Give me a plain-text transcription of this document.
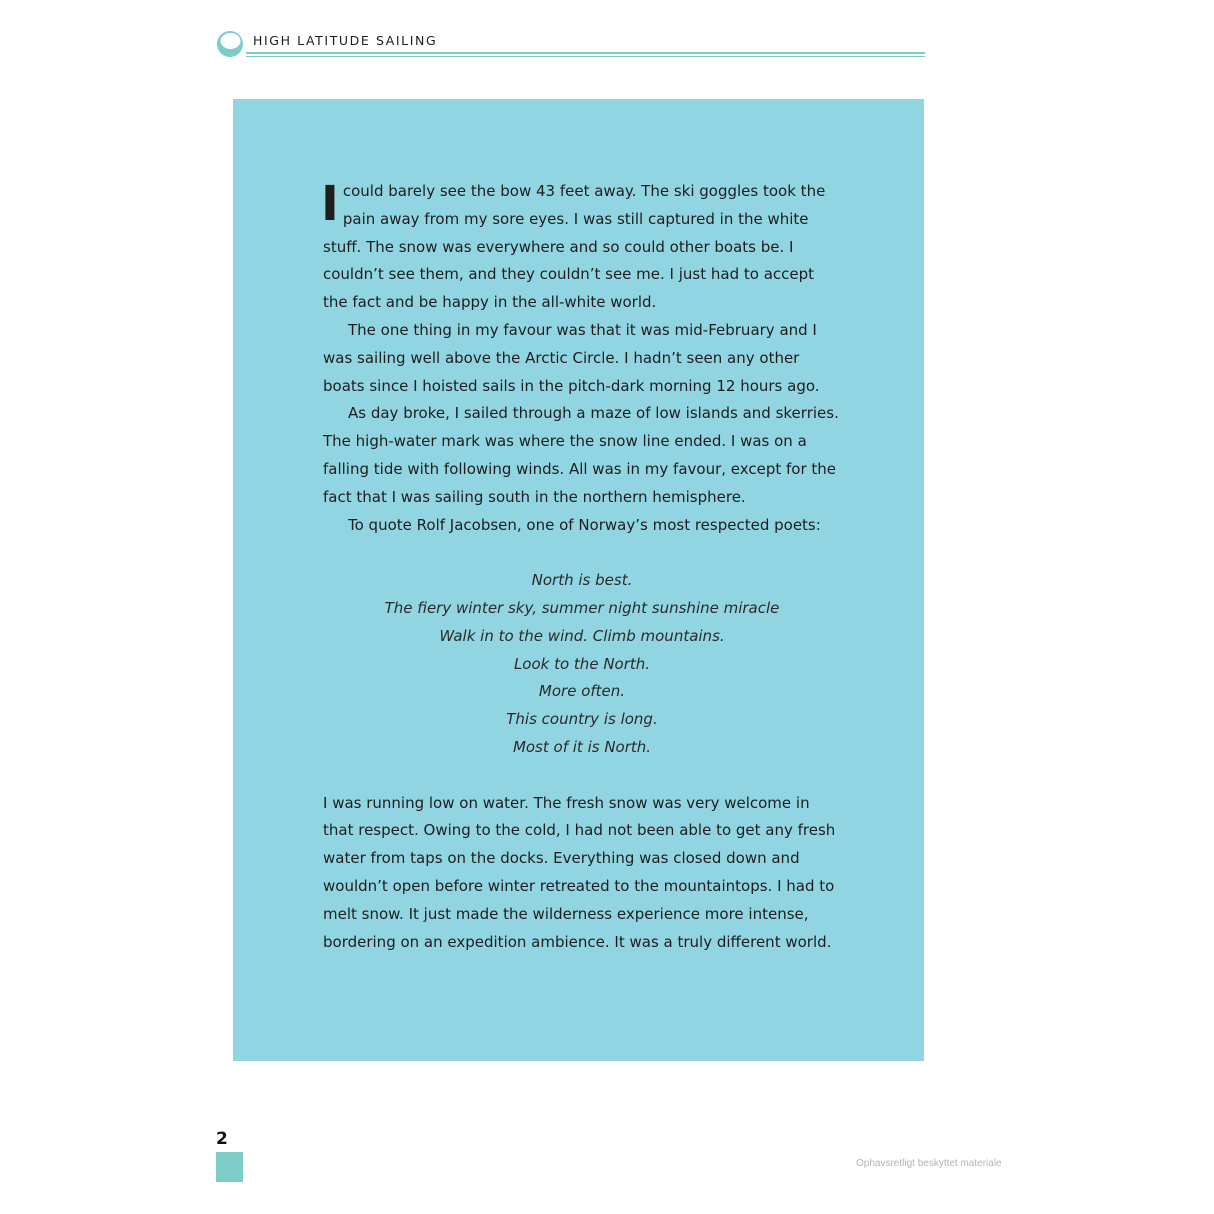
HIGH LATITUDE SAILING

I could barely see the bow 43 feet away. The ski goggles took the pain away from my sore eyes. I was still captured in the white stuff. The snow was everywhere and so could other boats be. I couldn’t see them, and they couldn’t see me. I just had to accept the fact and be happy in the all-white world.

The one thing in my favour was that it was mid-February and I was sailing well above the Arctic Circle. I hadn’t seen any other boats since I hoisted sails in the pitch-dark morning 12 hours ago.

As day broke, I sailed through a maze of low islands and skerries. The high-water mark was where the snow line ended. I was on a falling tide with following winds. All was in my favour, except for the fact that I was sailing south in the northern hemisphere.

To quote Rolf Jacobsen, one of Norway’s most respected poets:

North is best.
The fiery winter sky, summer night sunshine miracle
Walk in to the wind. Climb mountains.
Look to the North.
More often.
This country is long.
Most of it is North.

I was running low on water. The fresh snow was very welcome in that respect. Owing to the cold, I had not been able to get any fresh water from taps on the docks. Everything was closed down and wouldn’t open before winter retreated to the mountaintops. I had to melt snow. It just made the wilderness experience more intense, bordering on an expedition ambience. It was a truly different world.

2
Ophavsretligt beskyttet materiale
